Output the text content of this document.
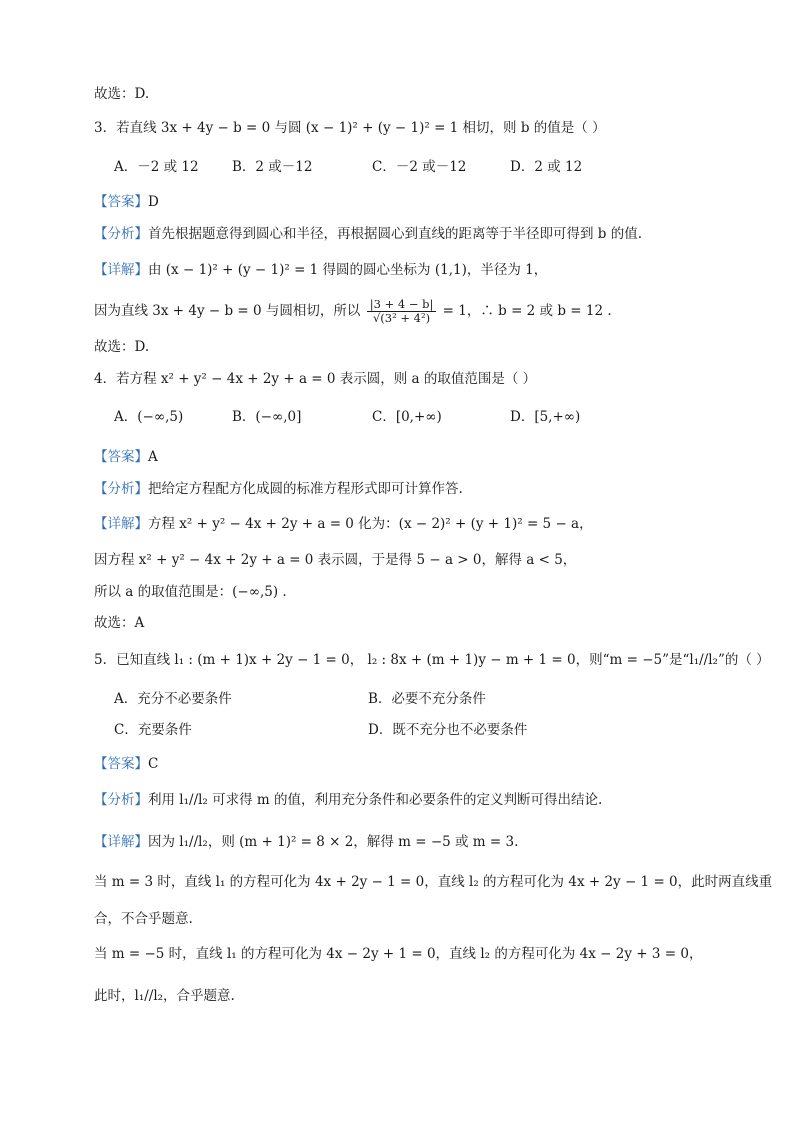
故选：D.
3．若直线 3x + 4y − b = 0 与圆 (x − 1)² + (y − 1)² = 1 相切，则 b 的值是（ ）
A．－2 或 12 B．2 或－12	C．－2 或－12	D．2 或 12
【答案】D
【分析】首先根据题意得到圆心和半径，再根据圆心到直线的距离等于半径即可得到 b 的值.
【详解】由 (x − 1)² + (y − 1)² = 1 得圆的圆心坐标为 (1,1)，半径为 1，
因为直线 3x + 4y − b = 0 与圆相切，所以 $\frac{|3 + 4 - b|}{\text{√(3² + 4²)}} = 1$，∴ b = 2 或 b = 12 .
故选：D.
4．若方程 x² + y² − 4x + 2y + a = 0 表示圆，则 a 的取值范围是（ ）
A．(−∞,5)	B．(−∞,0]	C．[0,+∞)	D．[5,+∞)
【答案】A
【分析】把给定方程配方化成圆的标准方程形式即可计算作答.
【详解】方程 x² + y² − 4x + 2y + a = 0 化为：(x − 2)² + (y + 1)² = 5 − a，
因方程 x² + y² − 4x + 2y + a = 0 表示圆，于是得 5 − a > 0，解得 a < 5，
所以 a 的取值范围是：(−∞,5) .
故选：A
5．已知直线 l₁ : (m + 1)x + 2y − 1 = 0， l₂ : 8x + (m + 1)y − m + 1 = 0，则“m = −5”是“l₁//l₂”的（ ）
A．充分不必要条件	B．必要不充分条件
C．充要条件	D．既不充分也不必要条件
【答案】C
【分析】利用 l₁//l₂ 可求得 m 的值，利用充分条件和必要条件的定义判断可得出结论.
【详解】因为 l₁//l₂，则 (m + 1)² = 8 × 2，解得 m = −5 或 m = 3.
当 m = 3 时，直线 l₁ 的方程可化为 4x + 2y − 1 = 0，直线 l₂ 的方程可化为 4x + 2y − 1 = 0，此时两直线重
合，不合乎题意.
当 m = −5 时，直线 l₁ 的方程可化为 4x − 2y + 1 = 0，直线 l₂ 的方程可化为 4x − 2y + 3 = 0，
此时，l₁//l₂，合乎题意.
